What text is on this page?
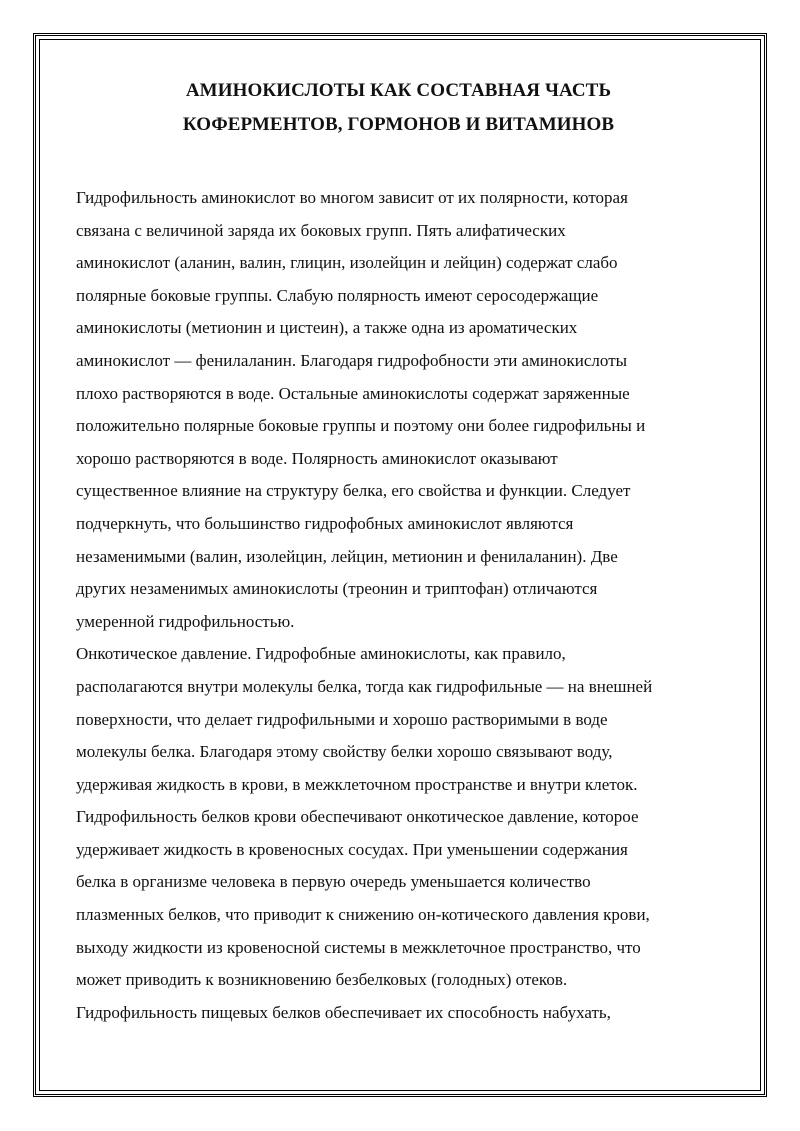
АМИНОКИСЛОТЫ КАК СОСТАВНАЯ ЧАСТЬ
КОФЕРМЕНТОВ, ГОРМОНОВ И ВИТАМИНОВ
Гидрофильность аминокислот во многом зависит от их полярности, которая
связана с величиной заряда их боковых групп. Пять алифатических
аминокислот (аланин, валин, глицин, изолейцин и лейцин) содержат слабо
полярные боковые группы. Слабую полярность имеют серосодержащие
аминокислоты (метионин и цистеин), а также одна из ароматических
аминокислот — фенилаланин. Благодаря гидрофобности эти аминокислоты
плохо растворяются в воде. Остальные аминокислоты содержат заряженные
положительно полярные боковые группы и поэтому они более гидрофильны и
хорошо растворяются в воде. Полярность аминокислот оказывают
существенное влияние на структуру белка, его свойства и функции. Следует
подчеркнуть, что большинство гидрофобных аминокислот являются
незаменимыми (валин, изолейцин, лейцин, метионин и фенилаланин). Две
других незаменимых аминокислоты (треонин и триптофан) отличаются
умеренной гидрофильностью.
Онкотическое давление. Гидрофобные аминокислоты, как правило,
располагаются внутри молекулы белка, тогда как гидрофильные — на внешней
поверхности, что делает гидрофильными и хорошо растворимыми в воде
молекулы белка. Благодаря этому свойству белки хорошо связывают воду,
удерживая жидкость в крови, в межклеточном пространстве и внутри клеток.
Гидрофильность белков крови обеспечивают онкотическое давление, которое
удерживает жидкость в кровеносных сосудах. При уменьшении содержания
белка в организме человека в первую очередь уменьшается количество
плазменных белков, что приводит к снижению он-котического давления крови,
выходу жидкости из кровеносной системы в межклеточное пространство, что
может приводить к возникновению безбелковых (голодных) отеков.
Гидрофильность пищевых белков обеспечивает их способность набухать,
